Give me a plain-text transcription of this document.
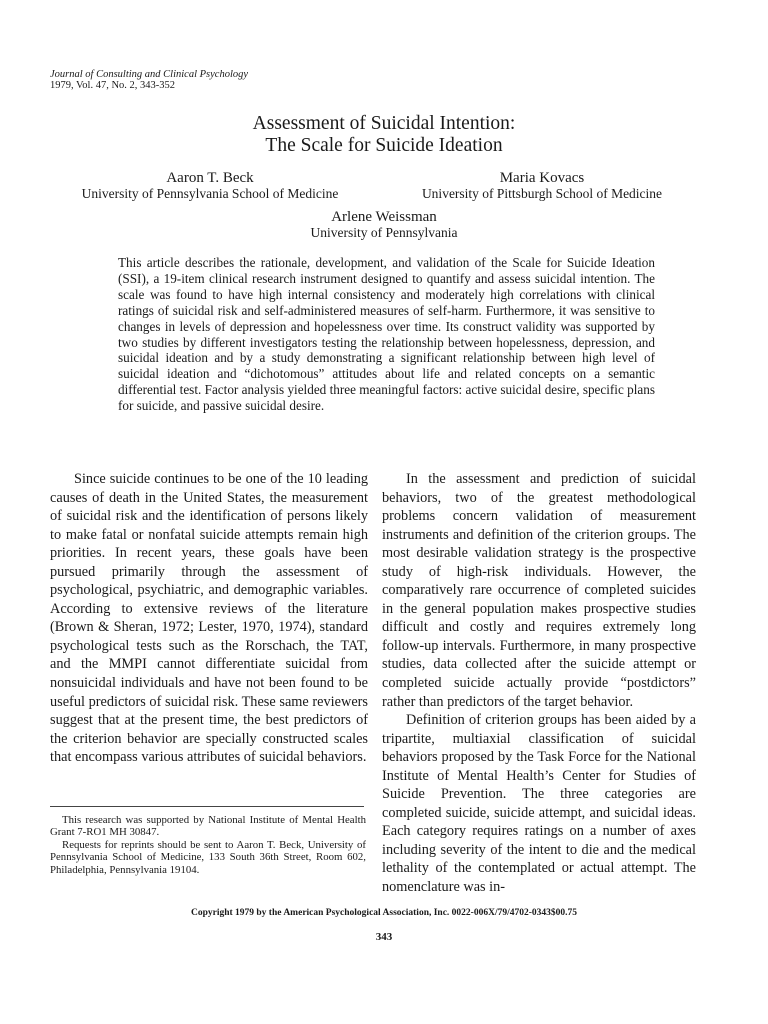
Journal of Consulting and Clinical Psychology
1979, Vol. 47, No. 2, 343-352
Assessment of Suicidal Intention:
The Scale for Suicide Ideation
Aaron T. Beck
University of Pennsylvania School of Medicine
Maria Kovacs
University of Pittsburgh School of Medicine
Arlene Weissman
University of Pennsylvania
This article describes the rationale, development, and validation of the Scale for Suicide Ideation (SSI), a 19-item clinical research instrument designed to quantify and assess suicidal intention. The scale was found to have high internal consistency and moderately high correlations with clinical ratings of suicidal risk and self-administered measures of self-harm. Furthermore, it was sensitive to changes in levels of depression and hopelessness over time. Its construct validity was supported by two studies by different investigators testing the relationship between hopelessness, depression, and suicidal ideation and by a study demonstrating a significant relationship between high level of suicidal ideation and “dichotomous” attitudes about life and related concepts on a semantic differential test. Factor analysis yielded three meaningful factors: active suicidal desire, specific plans for suicide, and passive suicidal desire.

Since suicide continues to be one of the 10 leading causes of death in the United States, the measurement of suicidal risk and the identification of persons likely to make fatal or nonfatal suicide attempts remain high priorities. In recent years, these goals have been pursued primarily through the assessment of psychological, psychiatric, and demographic variables. According to extensive reviews of the literature (Brown & Sheran, 1972; Lester, 1970, 1974), standard psychological tests such as the Rorschach, the TAT, and the MMPI cannot differentiate suicidal from nonsuicidal individuals and have not been found to be useful predictors of suicidal risk. These same reviewers suggest that at the present time, the best predictors of the criterion behavior are specially constructed scales that encompass various attributes of suicidal behaviors.

In the assessment and prediction of suicidal behaviors, two of the greatest methodological problems concern validation of measurement instruments and definition of the criterion groups. The most desirable validation strategy is the prospective study of high-risk individuals. However, the comparatively rare occurrence of completed suicides in the general population makes prospective studies difficult and costly and requires extremely long follow-up intervals. Furthermore, in many prospective studies, data collected after the suicide attempt or completed suicide actually provide “postdictors” rather than predictors of the target behavior.

Definition of criterion groups has been aided by a tripartite, multiaxial classification of suicidal behaviors proposed by the Task Force for the National Institute of Mental Health’s Center for Studies of Suicide Prevention. The three categories are completed suicide, suicide attempt, and suicidal ideas. Each category requires ratings on a number of axes including severity of the intent to die and the medical lethality of the contemplated or actual attempt. The nomenclature was in-

This research was supported by National Institute of Mental Health Grant 7-RO1 MH 30847.

Requests for reprints should be sent to Aaron T. Beck, University of Pennsylvania School of Medicine, 133 South 36th Street, Room 602, Philadelphia, Pennsylvania 19104.

Copyright 1979 by the American Psychological Association, Inc. 0022-006X/79/4702-0343$00.75
343
